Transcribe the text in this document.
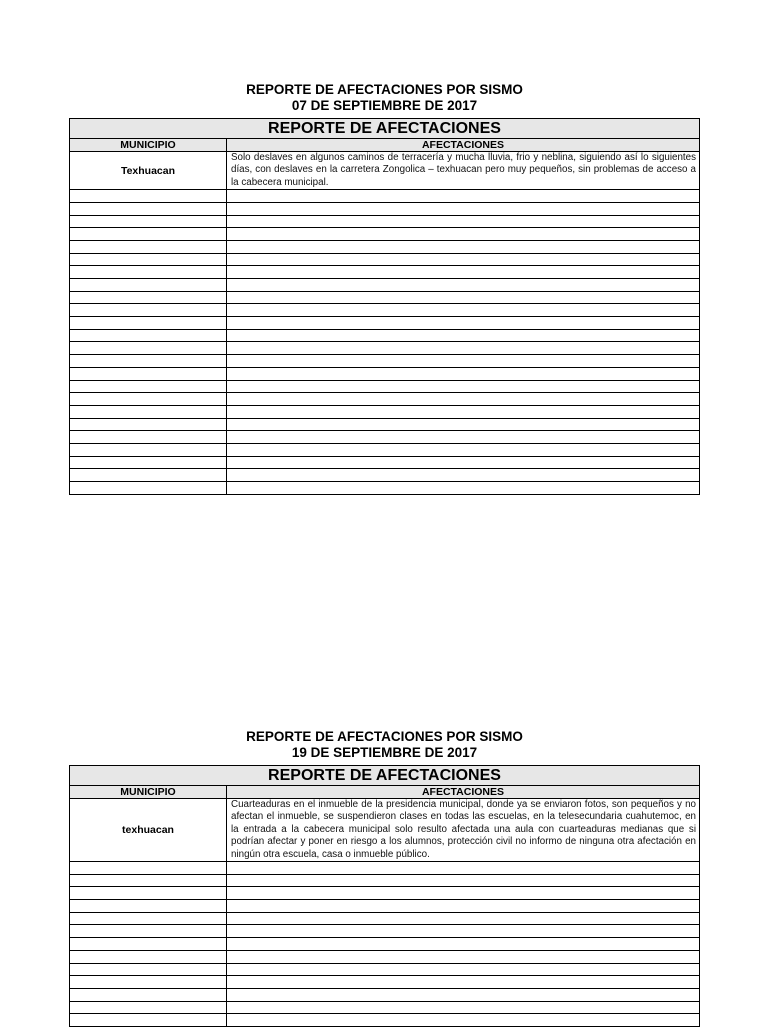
REPORTE DE AFECTACIONES POR SISMO
07 DE SEPTIEMBRE DE 2017
REPORTE DE AFECTACIONES	
MUNICIPIO	AFECTACIONES
Texhuacan	Solo deslaves en algunos caminos de terracería y mucha lluvia, frio y neblina, siguiendo así lo siguientes días, con deslaves en la carretera Zongolica – texhuacan pero muy pequeños, sin problemas de acceso a la cabecera municipal.

REPORTE DE AFECTACIONES POR SISMO
19 DE SEPTIEMBRE DE 2017
REPORTE DE AFECTACIONES	
MUNICIPIO	AFECTACIONES
texhuacan	Cuarteaduras en el inmueble de la presidencia municipal, donde ya se enviaron fotos, son pequeños y no afectan el inmueble, se suspendieron clases en todas las escuelas, en la telesecundaria cuahutemoc, en la entrada a la cabecera municipal solo resulto afectada una aula con cuarteaduras medianas que si podrían afectar y poner en riesgo a los alumnos, protección civil no informo de ninguna otra afectación en ningún otra escuela, casa o inmueble público.
